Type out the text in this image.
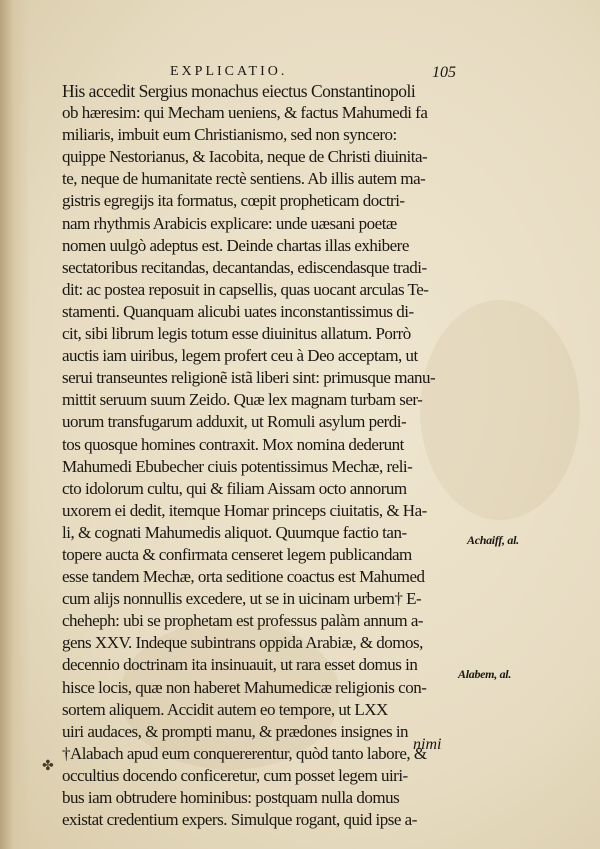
EXPLICATIO.	105
His accedit Sergius monachus eiectus Constantinopoli
ob hæresim: qui Mecham ueniens, & factus Mahumedi fa
miliaris, imbuit eum Christianismo, sed non syncero:
quippe Nestorianus, & Iacobita, neque de Christi diuinita-
te, neque de humanitate rectè sentiens. Ab illis autem ma-
gistris egregijs ita formatus, cœpit propheticam doctri-
nam rhythmis Arabicis explicare: unde uæsani poetæ
nomen uulgò adeptus est. Deinde chartas illas exhibere
sectatoribus recitandas, decantandas, ediscendasque tradi-
dit: ac postea reposuit in capsellis, quas uocant arculas Te-
stamenti. Quanquam alicubi uates inconstantissimus di-
cit, sibi librum legis totum esse diuinitus allatum. Porrò
auctis iam uiribus, legem profert ceu à Deo acceptam, ut
serui transeuntes religionẽ istã liberi sint: primusque manu-
mittit seruum suum Zeido. Quæ lex magnam turbam ser-
uorum transfugarum adduxit, ut Romuli asylum perdi-
tos quosque homines contraxit. Mox nomina dederunt
Mahumedi Ebubecher ciuis potentissimus Mechæ, reli-
cto idolorum cultu, qui & filiam Aissam octo annorum
uxorem ei dedit, itemque Homar princeps ciuitatis, & Ha-
li, & cognati Mahumedis aliquot. Quumque factio tan-
topere aucta & confirmata censeret legem publicandam
esse tandem Mechæ, orta seditione coactus est Mahumed
cum alijs nonnullis excedere, ut se in uicinam urbem† E-
cheheph: ubi se prophetam est professus palàm annum a-
gens XXV. Indeque subintrans oppida Arabiæ, & domos,
decennio doctrinam ita insinuauit, ut rara esset domus in
hisce locis, quæ non haberet Mahumedicæ religionis con-
sortem aliquem. Accidit autem eo tempore, ut LXX
uiri audaces, & prompti manu, & prædones insignes in
†Alabach apud eum conquererentur, quòd tanto labore, &
occultius docendo conficeretur, cum posset legem uiri-
bus iam obtrudere hominibus: postquam nulla domus
existat credentium expers. Simulque rogant, quid ipse a-
nimi
Achaiff, al.
Alabem, al.
✤
